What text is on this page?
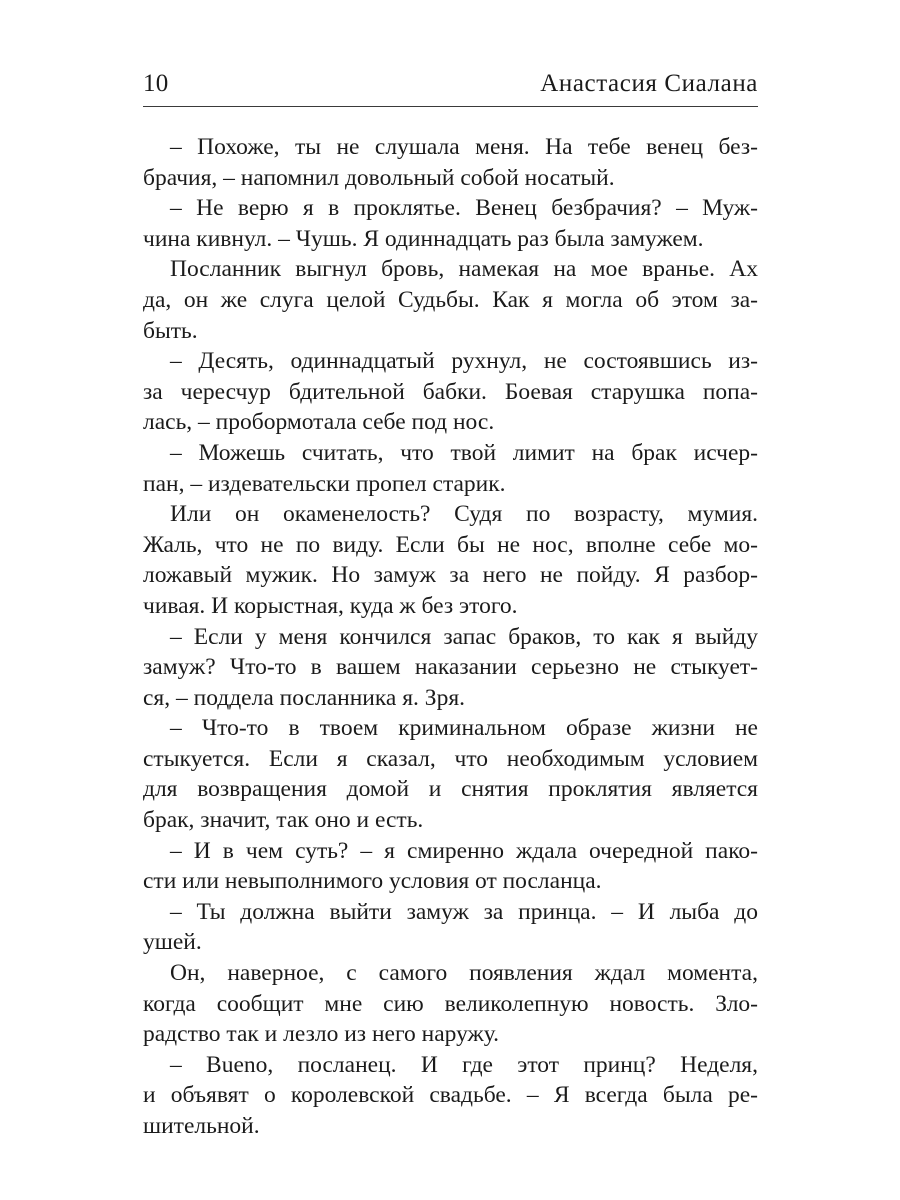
10	Анастасия Сиалана
– Похоже, ты не слушала меня. На тебе венец без-
брачия, – напомнил довольный собой носатый.
– Не верю я в проклятье. Венец безбрачия? – Муж-
чина кивнул. – Чушь. Я одиннадцать раз была замужем.
Посланник выгнул бровь, намекая на мое вранье. Ах
да, он же слуга целой Судьбы. Как я могла об этом за-
быть.
– Десять, одиннадцатый рухнул, не состоявшись из-
за чересчур бдительной бабки. Боевая старушка попа-
лась, – пробормотала себе под нос.
– Можешь считать, что твой лимит на брак исчер-
пан, – издевательски пропел старик.
Или он окаменелость? Судя по возрасту, мумия.
Жаль, что не по виду. Если бы не нос, вполне себе мо-
ложавый мужик. Но замуж за него не пойду. Я разбор-
чивая. И корыстная, куда ж без этого.
– Если у меня кончился запас браков, то как я выйду
замуж? Что-то в вашем наказании серьезно не стыкует-
ся, – поддела посланника я. Зря.
– Что-то в твоем криминальном образе жизни не
стыкуется. Если я сказал, что необходимым условием
для возвращения домой и снятия проклятия является
брак, значит, так оно и есть.
– И в чем суть? – я смиренно ждала очередной пако-
сти или невыполнимого условия от посланца.
– Ты должна выйти замуж за принца. – И лыба до
ушей.
Он, наверное, с самого появления ждал момента,
когда сообщит мне сию великолепную новость. Зло-
радство так и лезло из него наружу.
– Bueno, посланец. И где этот принц? Неделя,
и объявят о королевской свадьбе. – Я всегда была ре-
шительной.
